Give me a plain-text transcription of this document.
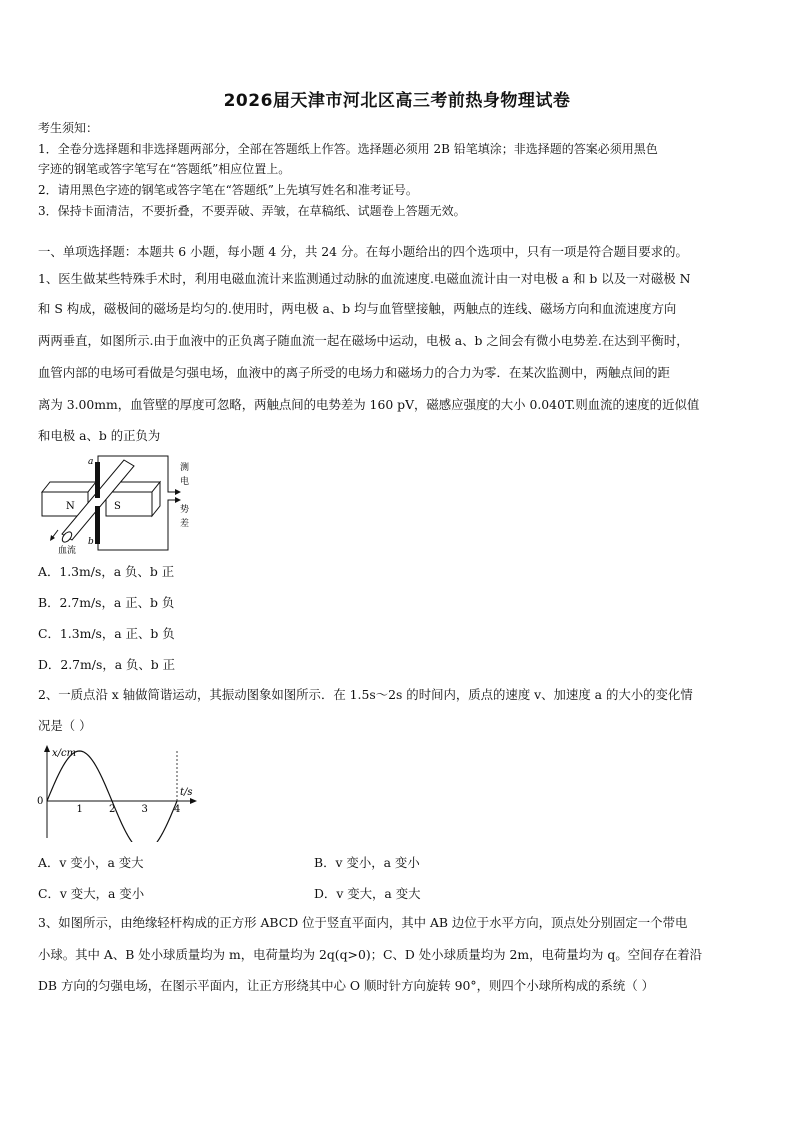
2026届天津市河北区高三考前热身物理试卷
考生须知：
1．全卷分选择题和非选择题两部分，全部在答题纸上作答。选择题必须用 2B 铅笔填涂；非选择题的答案必须用黑色
字迹的钢笔或答字笔写在“答题纸”相应位置上。
2．请用黑色字迹的钢笔或答字笔在“答题纸”上先填写姓名和准考证号。
3．保持卡面清洁，不要折叠，不要弄破、弄皱，在草稿纸、试题卷上答题无效。
一、单项选择题：本题共 6 小题，每小题 4 分，共 24 分。在每小题给出的四个选项中，只有一项是符合题目要求的。
1、医生做某些特殊手术时，利用电磁血流计来监测通过动脉的血流速度.电磁血流计由一对电极 a 和 b 以及一对磁极 N
和 S 构成，磁极间的磁场是均匀的.使用时，两电极 a、b 均与血管壁接触，两触点的连线、磁场方向和血流速度方向
两两垂直，如图所示.由于血液中的正负离子随血流一起在磁场中运动，电极 a、b 之间会有微小电势差.在达到平衡时，
血管内部的电场可看做是匀强电场，血液中的离子所受的电场力和磁场力的合力为零．在某次监测中，两触点间的距
离为 3.00mm，血管壁的厚度可忽略，两触点间的电势差为 160 pV，磁感应强度的大小 0.040T.则血流的速度的近似值
和电极 a、b 的正负为
N	S
a
b
血流
测
电
势
差
A．1.3m/s，a 负、b 正
B．2.7m/s，a 正、b 负
C．1.3m/s，a 正、b 负
D．2.7m/s，a 负、b 正
2、一质点沿 x 轴做简谐运动，其振动图象如图所示．在 1.5s～2s 的时间内，质点的速度 v、加速度 a 的大小的变化情
况是（ ）
x/cm
t/s
0
1	2	3	4
A．v 变小，a 变大	B．v 变小，a 变小
C．v 变大，a 变小	D．v 变大，a 变大
3、如图所示，由绝缘轻杆构成的正方形 ABCD 位于竖直平面内，其中 AB 边位于水平方向，顶点处分别固定一个带电
小球。其中 A、B 处小球质量均为 m，电荷量均为 2q(q>0)；C、D 处小球质量均为 2m，电荷量均为 q。空间存在着沿
DB 方向的匀强电场，在图示平面内，让正方形绕其中心 O 顺时针方向旋转 90°，则四个小球所构成的系统（ ）
